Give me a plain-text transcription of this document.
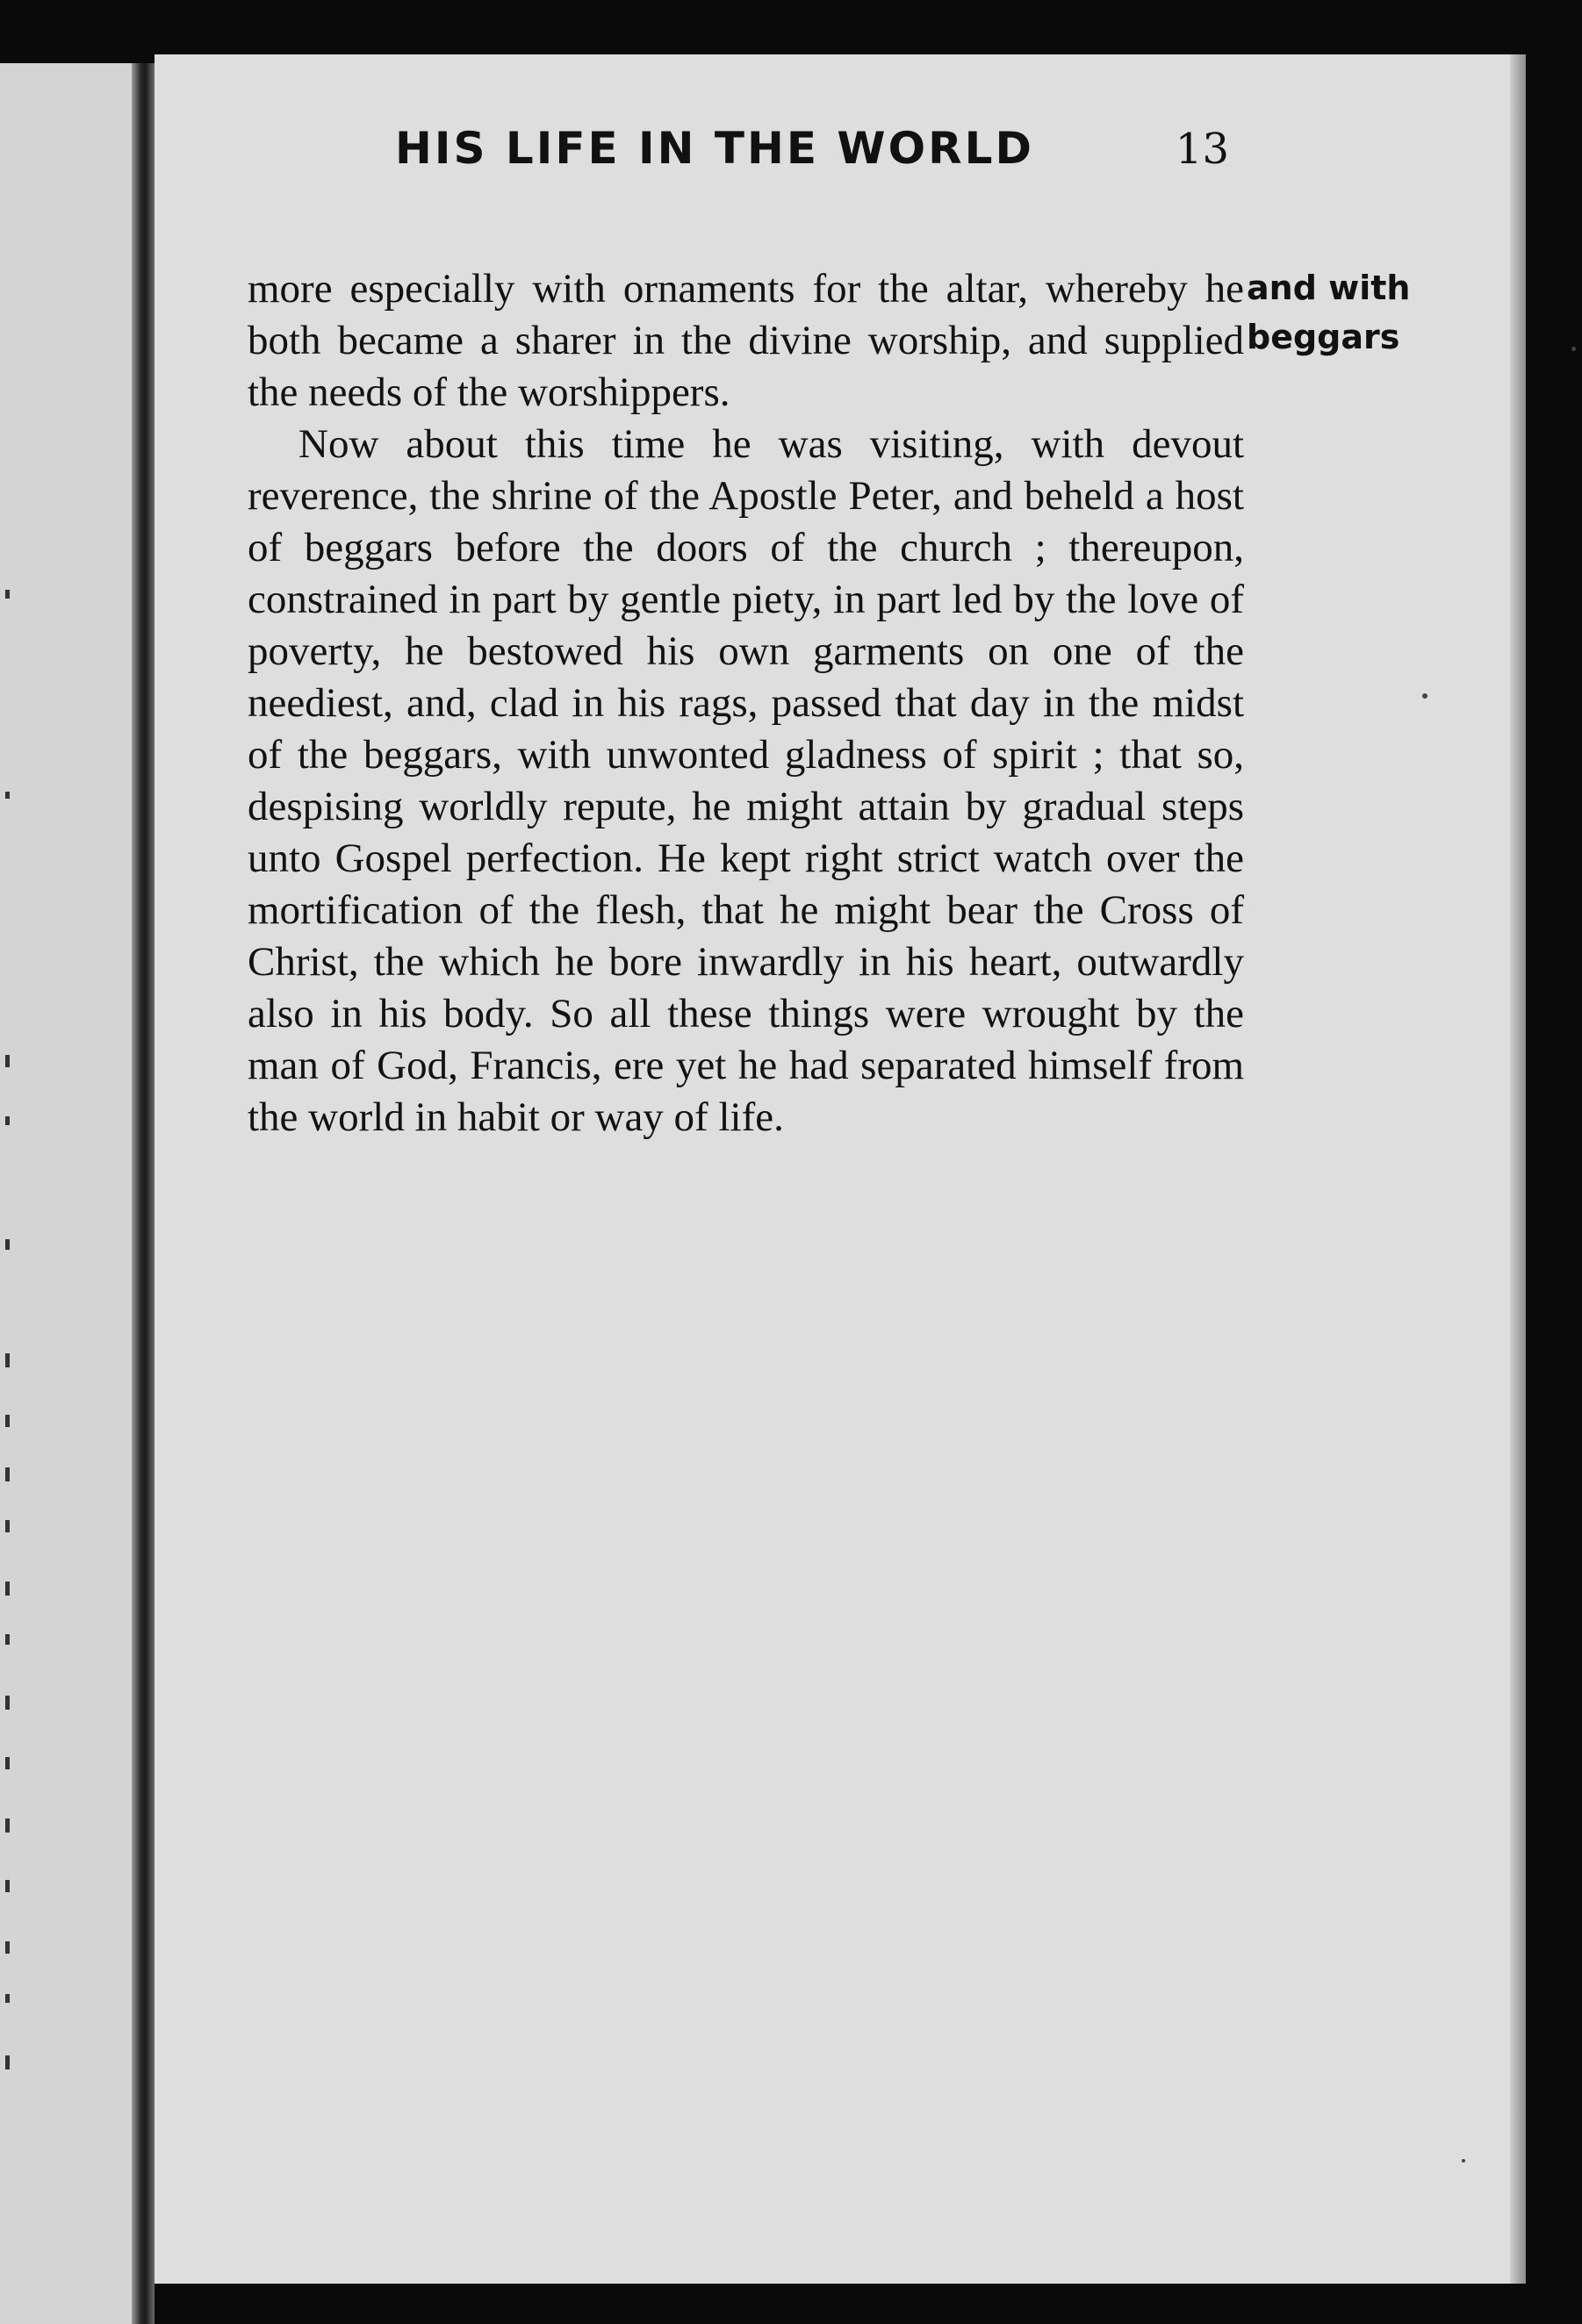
HIS LIFE IN THE WORLD	13

more especially with ornaments for the altar, whereby he both became a sharer in the divine worship, and supplied the needs of the worshippers.

Now about this time he was visiting, with devout reverence, the shrine of the Apostle Peter, and beheld a host of beggars before the doors of the church ; thereupon, constrained in part by gentle piety, in part led by the love of poverty, he bestowed his own garments on one of the neediest, and, clad in his rags, passed that day in the midst of the beggars, with unwonted gladness of spirit ; that so, despising worldly repute, he might attain by gradual steps unto Gospel perfection. He kept right strict watch over the mortification of the flesh, that he might bear the Cross of Christ, the which he bore inwardly in his heart, outwardly also in his body. So all these things were wrought by the man of God, Francis, ere yet he had separated himself from the world in habit or way of life.

and with
beggars
